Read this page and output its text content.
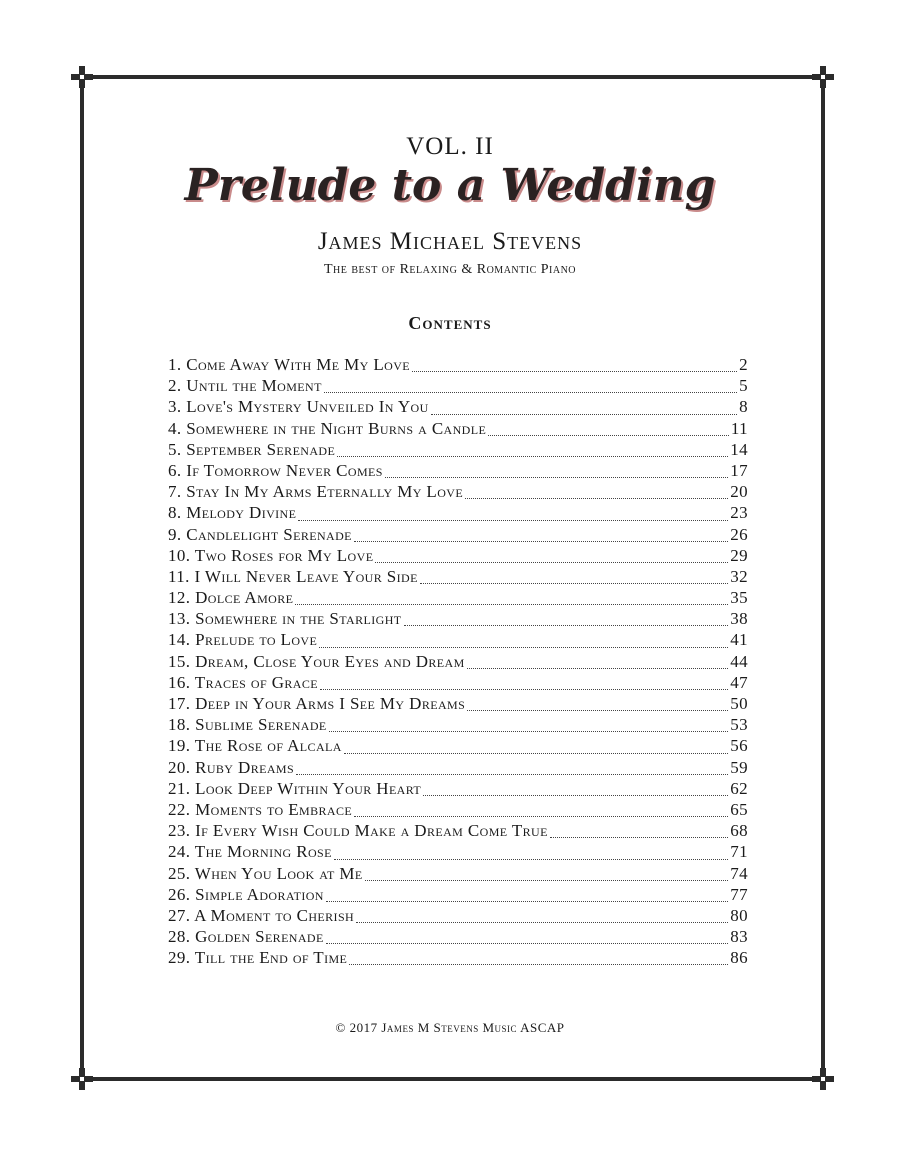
VOL. II
Prelude to a Wedding
James Michael Stevens
The best of Relaxing & Romantic Piano
Contents
1. Come Away With Me My Love	2
2. Until the Moment	5
3. Love's Mystery Unveiled In You	8
4. Somewhere in the Night Burns a Candle	11
5. September Serenade	14
6. If Tomorrow Never Comes	17
7. Stay In My Arms Eternally My Love	20
8. Melody Divine	23
9. Candlelight Serenade	26
10. Two Roses for My Love	29
11. I Will Never Leave Your Side	32
12. Dolce Amore	35
13. Somewhere in the Starlight	38
14. Prelude to Love	41
15. Dream, Close Your Eyes and Dream	44
16. Traces of Grace	47
17. Deep in Your Arms I See My Dreams	50
18. Sublime Serenade	53
19. The Rose of Alcala	56
20. Ruby Dreams	59
21. Look Deep Within Your Heart	62
22. Moments to Embrace	65
23. If Every Wish Could Make a Dream Come True	68
24. The Morning Rose	71
25. When You Look at Me	74
26. Simple Adoration	77
27. A Moment to Cherish	80
28. Golden Serenade	83
29. Till the End of Time	86
© 2017 James M Stevens Music ASCAP
